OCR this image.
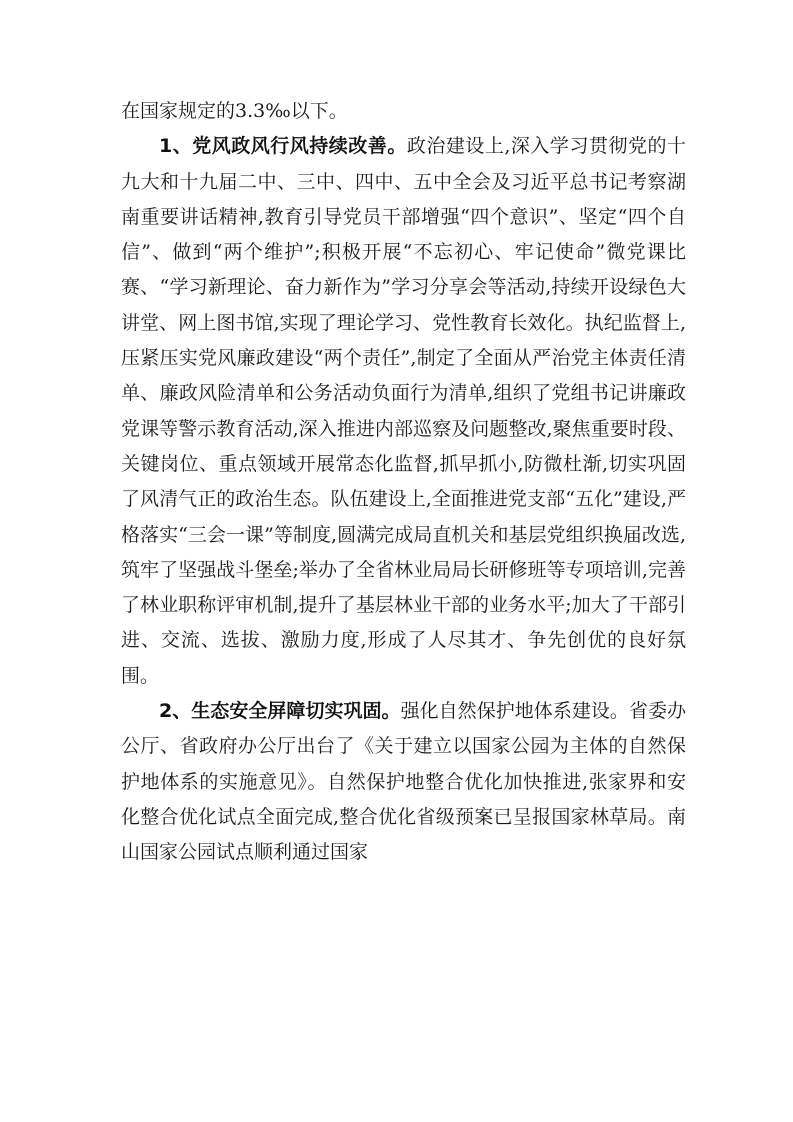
在国家规定的3.3‰以下。

1、党风政风行风持续改善。政治建设上,深入学习贯彻党的十九大和十九届二中、三中、四中、五中全会及习近平总书记考察湖南重要讲话精神,教育引导党员干部增强“四个意识”、坚定“四个自信”、做到“两个维护”;积极开展“不忘初心、牢记使命”微党课比赛、“学习新理论、奋力新作为”学习分享会等活动,持续开设绿色大讲堂、网上图书馆,实现了理论学习、党性教育长效化。执纪监督上,压紧压实党风廉政建设“两个责任”,制定了全面从严治党主体责任清单、廉政风险清单和公务活动负面行为清单,组织了党组书记讲廉政党课等警示教育活动,深入推进内部巡察及问题整改,聚焦重要时段、关键岗位、重点领域开展常态化监督,抓早抓小,防微杜渐,切实巩固了风清气正的政治生态。队伍建设上,全面推进党支部“五化”建设,严格落实“三会一课”等制度,圆满完成局直机关和基层党组织换届改选,筑牢了坚强战斗堡垒;举办了全省林业局局长研修班等专项培训,完善了林业职称评审机制,提升了基层林业干部的业务水平;加大了干部引进、交流、选拔、激励力度,形成了人尽其才、争先创优的良好氛围。

2、生态安全屏障切实巩固。强化自然保护地体系建设。省委办公厅、省政府办公厅出台了《关于建立以国家公园为主体的自然保护地体系的实施意见》。自然保护地整合优化加快推进,张家界和安化整合优化试点全面完成,整合优化省级预案已呈报国家林草局。南山国家公园试点顺利通过国家
